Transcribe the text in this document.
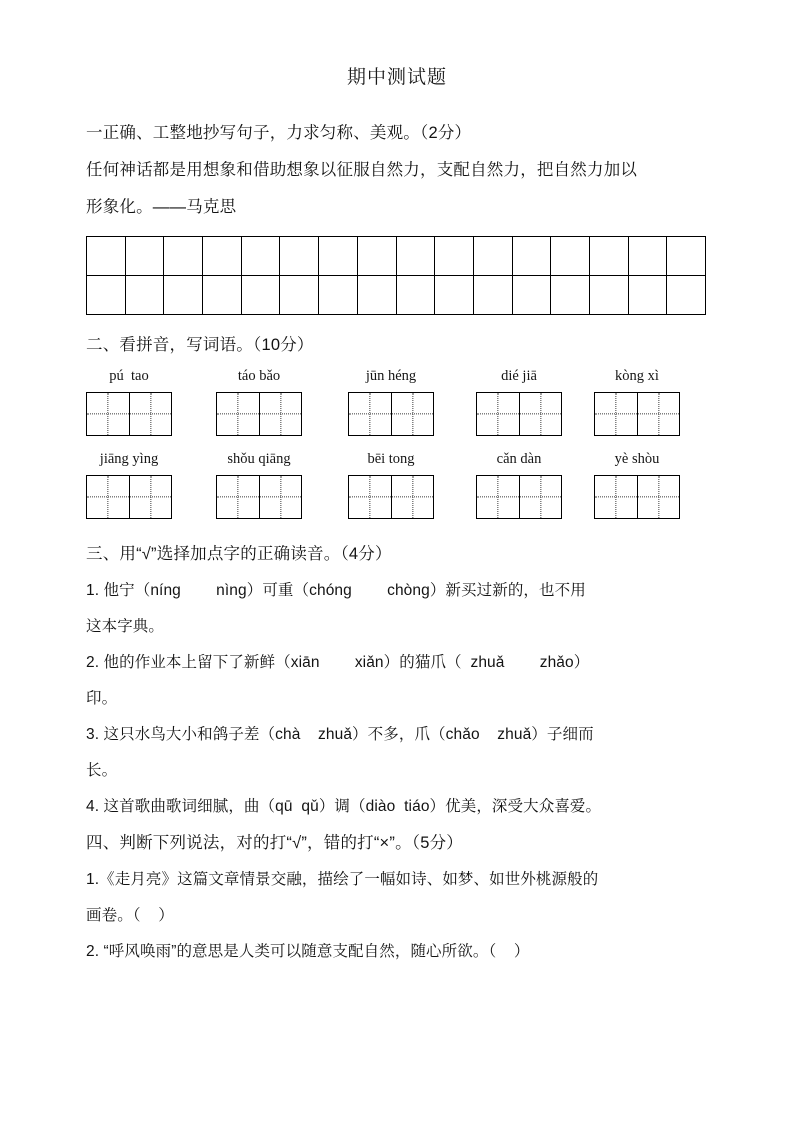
期中测试题
一正确、工整地抄写句子，力求匀称、美观。（2分）
任何神话都是用想象和借助想象以征服自然力，支配自然力，把自然力加以
形象化。——马克思

二、看拼音，写词语。（10分）
pú  tao	táo bǎo	jūn héng	dié jiā	kòng xì
jiāng yìng	shǒu qiāng	bēi tong	cǎn dàn	yè shòu
三、用“√”选择加点字的正确读音。（4分）
1. 他宁（níng        nìng）可重（chóng        chòng）新买过新的，也不用
这本字典。
2. 他的作业本上留下了新鲜（xiān        xiǎn）的猫爪（  zhuǎ        zhǎo）
印。
3. 这只水鸟大小和鸽子差（chà    zhuǎ）不多，爪（chǎo    zhuǎ）子细而
长。
4. 这首歌曲歌词细腻，曲（qū  qǔ）调（diào  tiáo）优美，深受大众喜爱。
四、判断下列说法，对的打“√”，错的打“×”。（5分）
1.《走月亮》这篇文章情景交融，描绘了一幅如诗、如梦、如世外桃源般的
画卷。（    ）
2. “呼风唤雨”的意思是人类可以随意支配自然，随心所欲。（    ）
